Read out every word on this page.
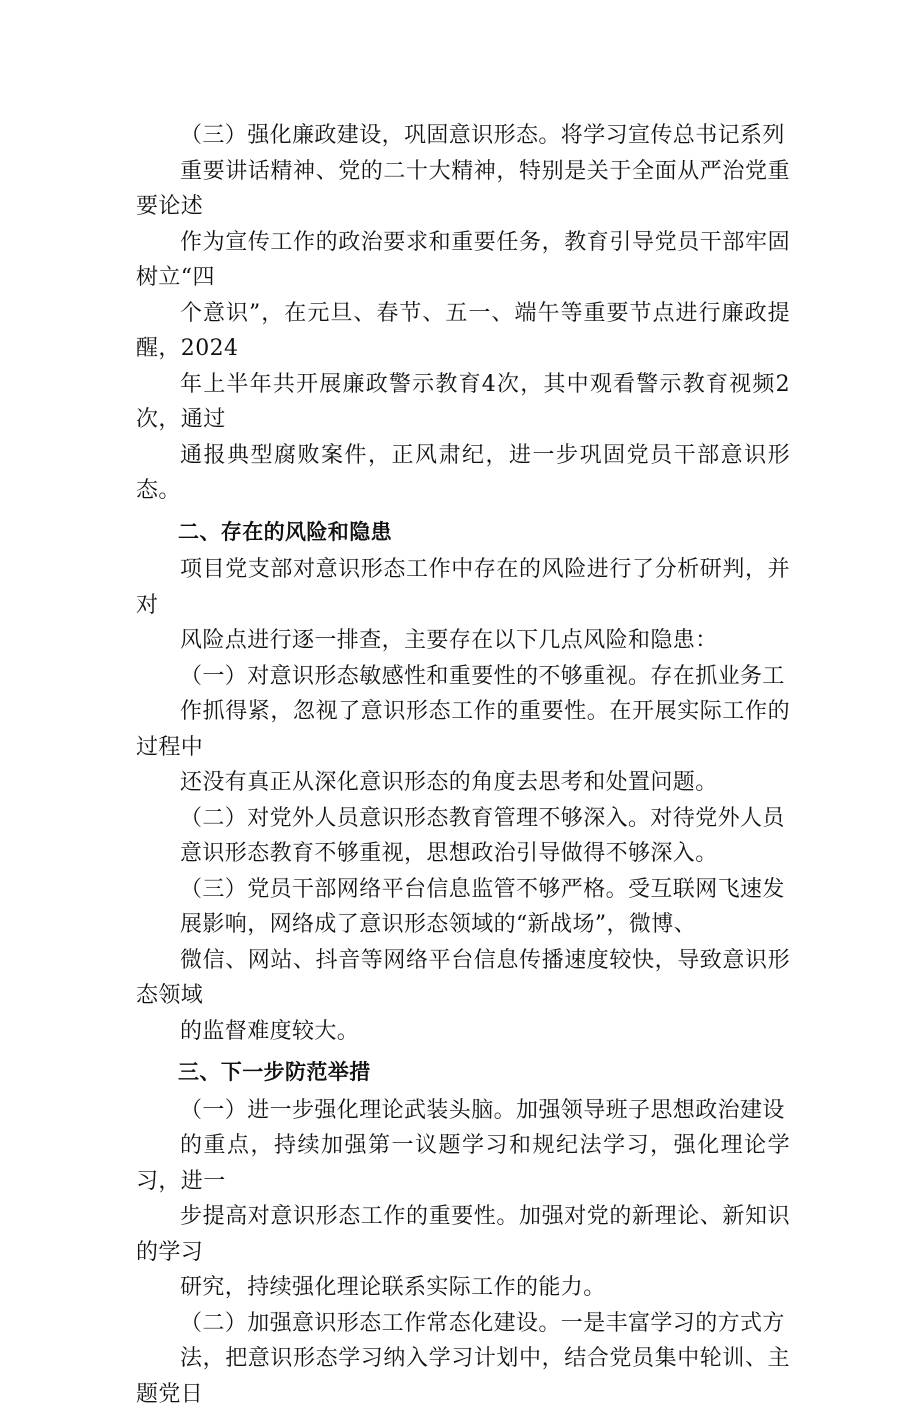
（三）强化廉政建设，巩固意识形态。将学习宣传总书记系列
重要讲话精神、党的二十大精神，特别是关于全面从严治党重要论述
作为宣传工作的政治要求和重要任务，教育引导党员干部牢固树立“四
个意识”，在元旦、春节、五一、端午等重要节点进行廉政提醒，2024
年上半年共开展廉政警示教育4次，其中观看警示教育视频2次，通过
通报典型腐败案件，正风肃纪，进一步巩固党员干部意识形态。

二、存在的风险和隐患

项目党支部对意识形态工作中存在的风险进行了分析研判，并对
风险点进行逐一排查，主要存在以下几点风险和隐患：

（一）对意识形态敏感性和重要性的不够重视。存在抓业务工
作抓得紧，忽视了意识形态工作的重要性。在开展实际工作的过程中
还没有真正从深化意识形态的角度去思考和处置问题。

（二）对党外人员意识形态教育管理不够深入。对待党外人员
意识形态教育不够重视，思想政治引导做得不够深入。

（三）党员干部网络平台信息监管不够严格。受互联网飞速发
展影响，网络成了意识形态领域的“新战场”，微博、
微信、网站、抖音等网络平台信息传播速度较快，导致意识形态领域
的监督难度较大。

三、下一步防范举措

（一）进一步强化理论武装头脑。加强领导班子思想政治建设
的重点，持续加强第一议题学习和规纪法学习，强化理论学习，进一
步提高对意识形态工作的重要性。加强对党的新理论、新知识的学习
研究，持续强化理论联系实际工作的能力。

（二）加强意识形态工作常态化建设。一是丰富学习的方式方
法，把意识形态学习纳入学习计划中，结合党员集中轮训、主题党日
